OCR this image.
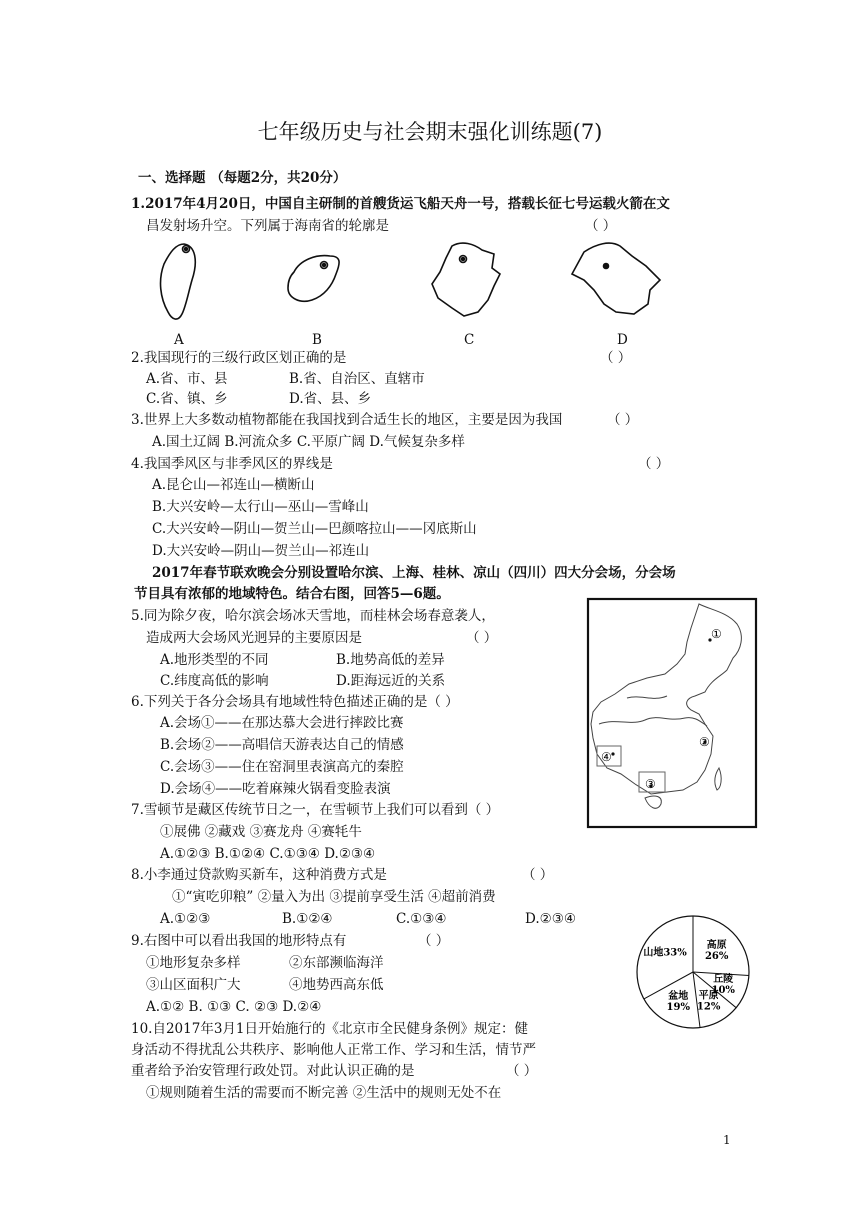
七年级历史与社会期末强化训练题(7)
一、选择题 （每题2分，共20分）
1.2017年4月20日，中国自主研制的首艘货运飞船天舟一号，搭载长征七号运载火箭在文
昌发射场升空。下列属于海南省的轮廓是	（ ）
A	B	C	D
2.我国现行的三级行政区划正确的是	（ ）
A.省、市、县	B.省、自治区、直辖市
C.省、镇、乡	D.省、县、乡
3.世界上大多数动植物都能在我国找到合适生长的地区，主要是因为我国	（ ）
A.国土辽阔 B.河流众多 C.平原广阔 D.气候复杂多样
4.我国季风区与非季风区的界线是	（ ）
A.昆仑山—祁连山—横断山
B.大兴安岭—太行山—巫山—雪峰山
C.大兴安岭—阴山—贺兰山—巴颜喀拉山——冈底斯山
D.大兴安岭—阴山—贺兰山—祁连山
2017年春节联欢晚会分别设置哈尔滨、上海、桂林、凉山（四川）四大分会场，分会场
节目具有浓郁的地域特色。结合右图，回答5—6题。
5.同为除夕夜，哈尔滨会场冰天雪地，而桂林会场春意袭人，
造成两大会场风光迥异的主要原因是	（ ）
A.地形类型的不同	B.地势高低的差异
C.纬度高低的影响	D.距海远近的关系
6.下列关于各分会场具有地域性特色描述正确的是（ ）
A.会场①——在那达慕大会进行摔跤比赛
B.会场②——高唱信天游表达自己的情感
C.会场③——住在窑洞里表演高亢的秦腔
D.会场④——吃着麻辣火锅看变脸表演
①
②
④
③
7.雪顿节是藏区传统节日之一，在雪顿节上我们可以看到（ ）
①展佛 ②藏戏 ③赛龙舟 ④赛牦牛
A.①②③ B.①②④ C.①③④ D.②③④
8.小李通过贷款购买新车，这种消费方式是	（ ）
①“寅吃卯粮” ②量入为出 ③提前享受生活 ④超前消费
A.①②③	B.①②④	C.①③④	D.②③④
9.右图中可以看出我国的地形特点有	（ ）
①地形复杂多样	②东部濒临海洋
③山区面积广大	④地势西高东低
A.①② B. ①③ C. ②③ D.②④
山地33%
高原 26%
丘陵 10%
平原 12%
盆地 19%
10.自2017年3月1日开始施行的《北京市全民健身条例》规定：健
身活动不得扰乱公共秩序、影响他人正常工作、学习和生活，情节严
重者给予治安管理行政处罚。对此认识正确的是	（ ）
①规则随着生活的需要而不断完善 ②生活中的规则无处不在
1
